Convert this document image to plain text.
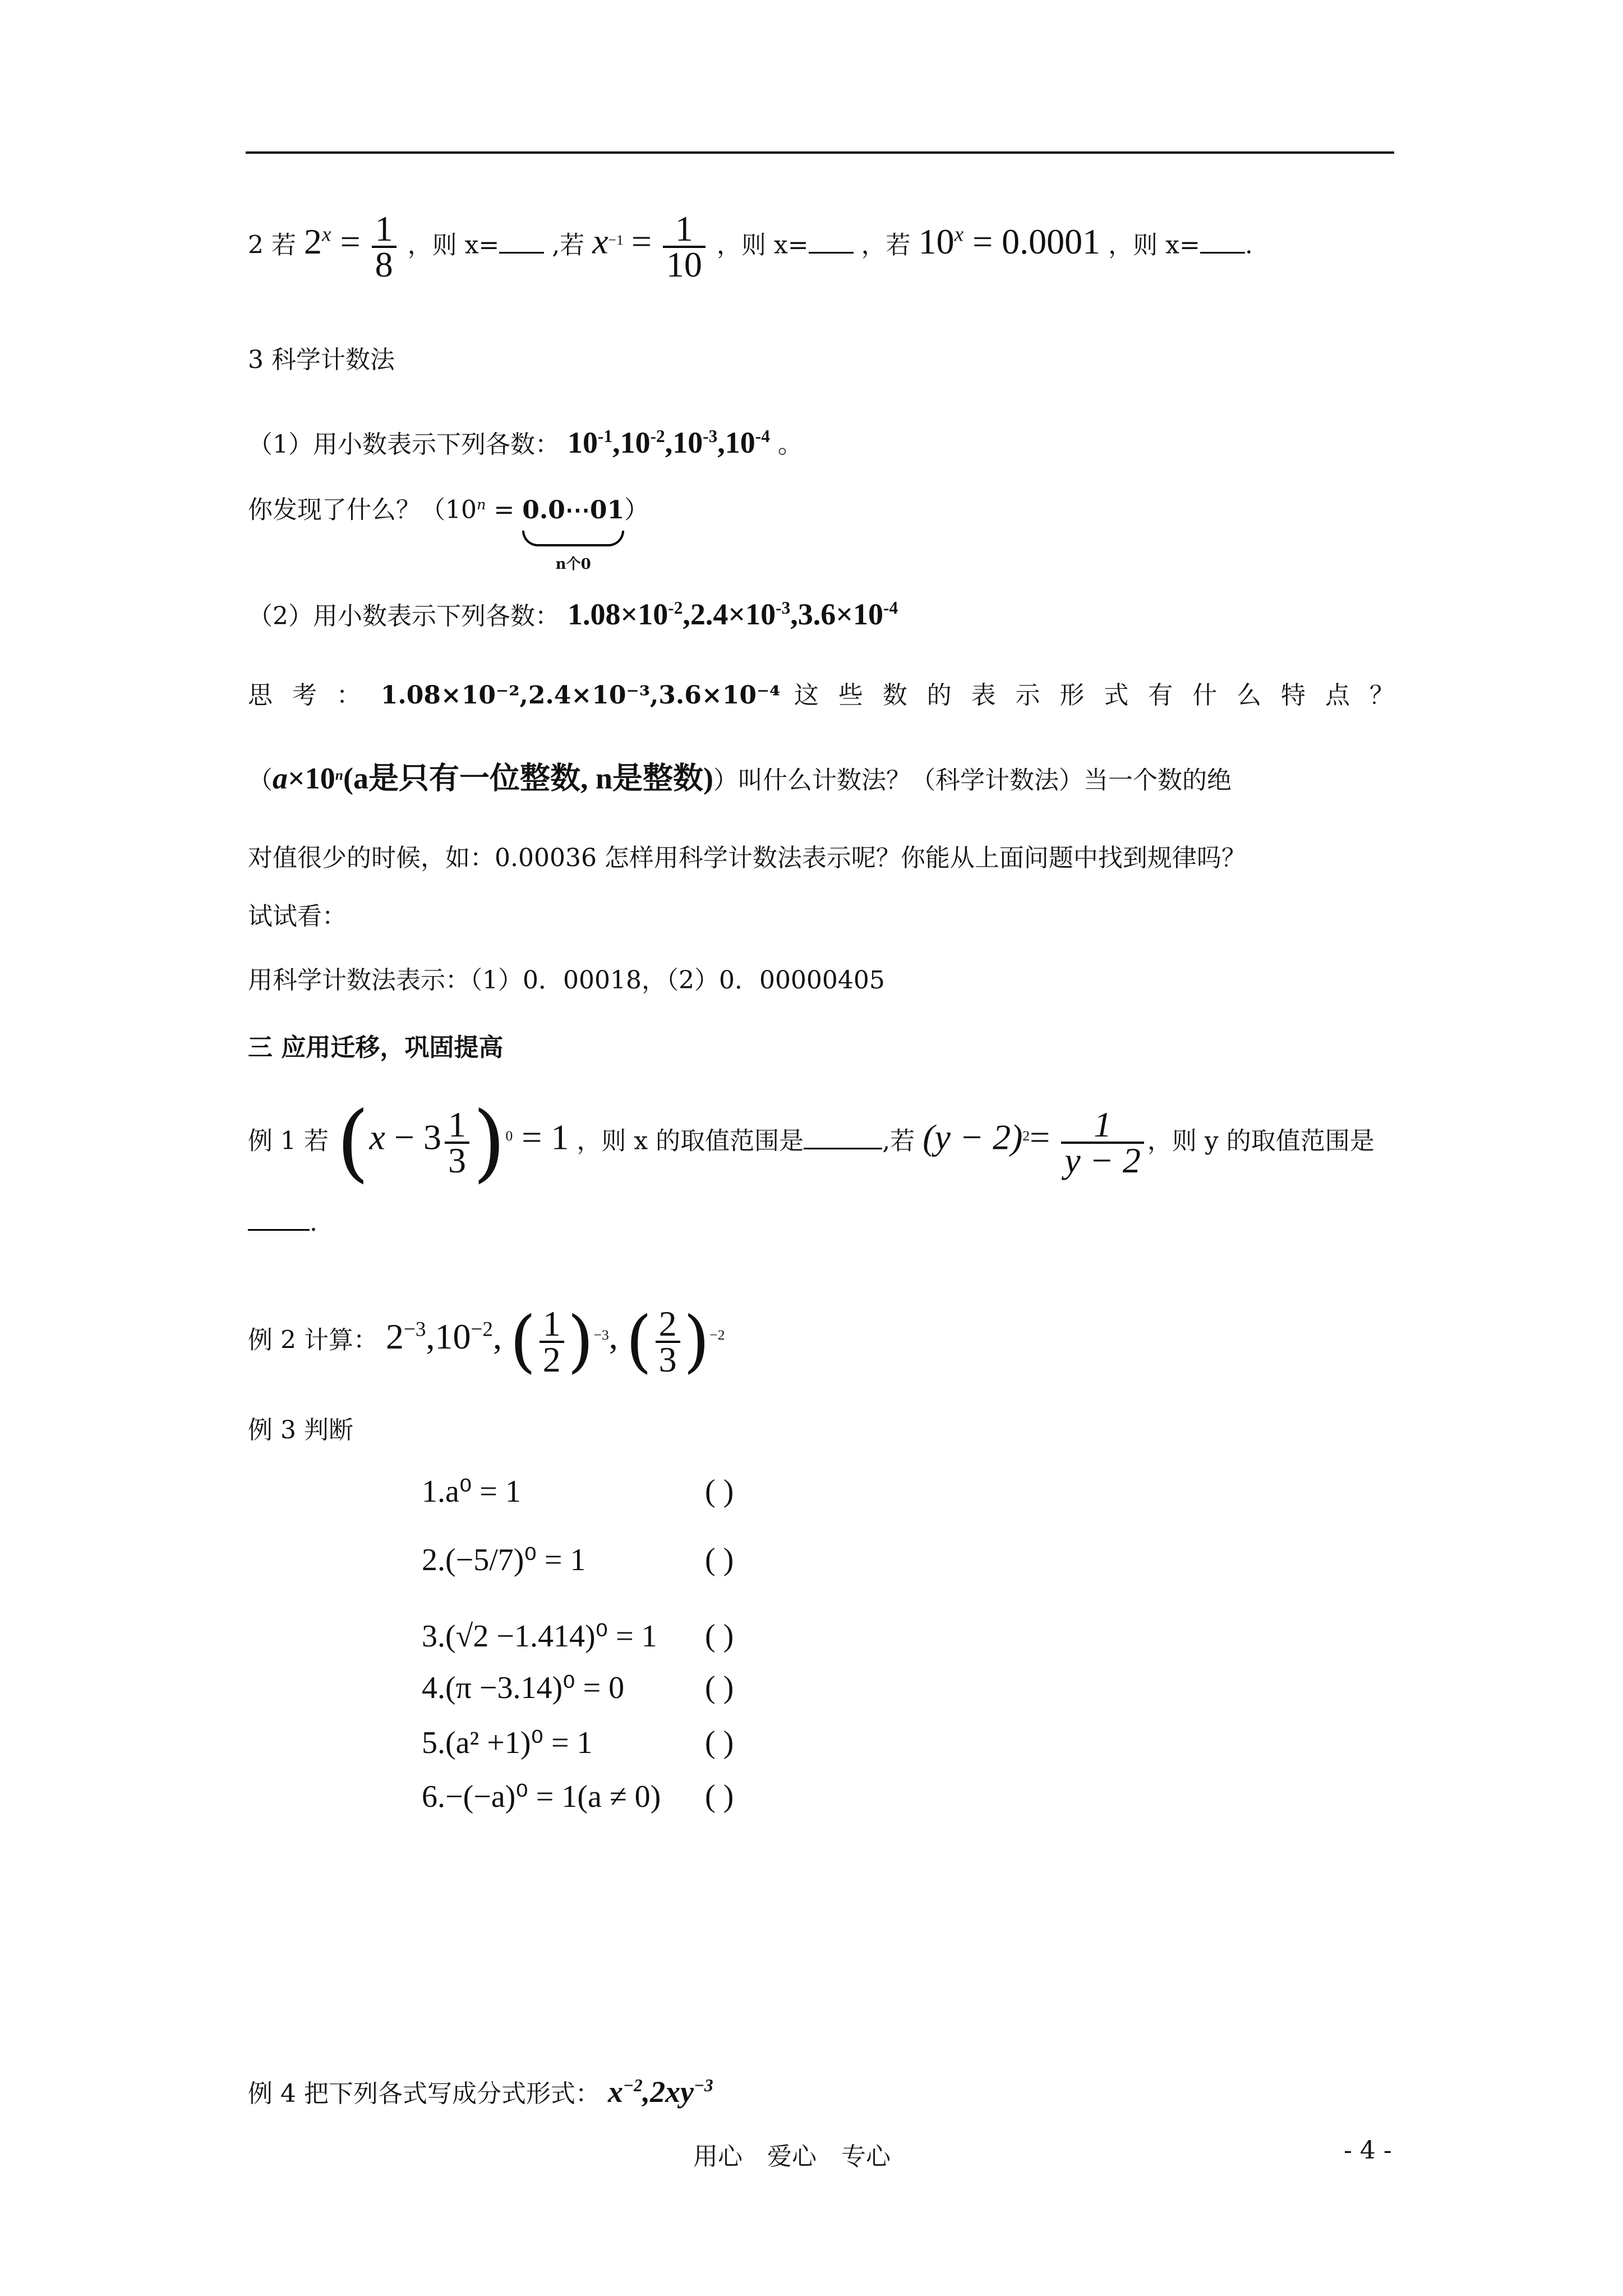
2 若 $2^x = \frac{1}{8}$ ，则 x= ,若 $x^{-1} = \frac{1}{10}$ ，则 x= ，若 $10^x = 0.0001$ ，则 x= .
3 科学计数法
（1）用小数表示下列各数： $10^{-1},10^{-2},10^{-3},10^{-4}$ 。
你发现了什么？（$10^n$ = 0.0⋯01
n个0
）
（2）用小数表示下列各数： $1.08\times 10^{-2},2.4\times 10^{-3},3.6\times 10^{-4}$
思 考 ： 1.08×10⁻²,2.4×10⁻³,3.6×10⁻⁴ 这 些 数 的 表 示 形 式 有 什 么 特 点 ？
（$a\times 10^n(a$是只有一位整数, n是整数)）叫什么计数法？（科学计数法）当一个数的绝
对值很少的时候，如：0.00036 怎样用科学计数法表示呢？你能从上面问题中找到规律吗？
试试看：
用科学计数法表示：（1）0．00018，（2）0．00000405
三 应用迁移，巩固提高
例 1 若 $(x - 3 \frac{1}{3} )^0 = 1$ ，则 x 的取值范围是	,若 $(y - 2)^2= \frac{1}{y - 2}$ ，则 y 的取值范围是
.
例 2 计算： $2^{-3},10^{-2}$, ( $\frac{1}{2} )^{-3}$, ( $\frac{2}{3} )^{-2}$
例 3 判断
1.a⁰ = 1	( )
2.(−5/7)⁰ = 1	( )
3.(√2 −1.414)⁰ = 1 ( )
4.(π −3.14)⁰ = 0	( )
5.(a² +1)⁰ = 1	( )
6.−(−a)⁰ = 1(a ≠ 0) ( )
例 4 把下列各式写成分式形式： $x^{-2},2xy^{-3}$
用心　爱心　专心	- 4 -
